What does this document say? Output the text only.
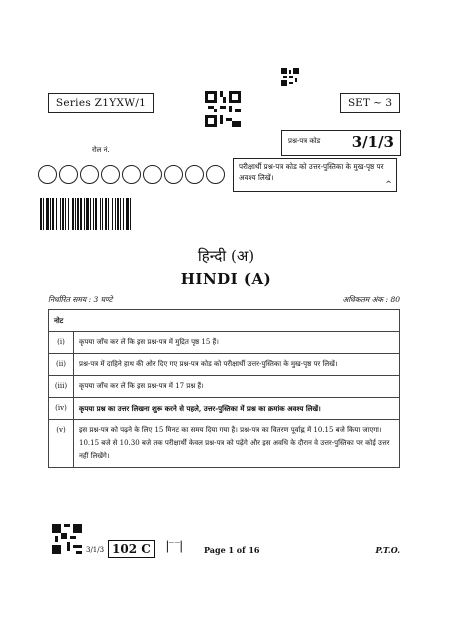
Series Z1YXW/1	SET ~ 3
प्रश्न-पत्र कोड 3/1/3
रोल नं.
परीक्षार्थी प्रश्न-पत्र कोड को उत्तर-पुस्तिका के मुख-पृष्ठ पर अवश्य लिखें।
^
हिन्दी (अ)
HINDI (A)
निर्धारित समय : 3 घण्टे	अधिकतम अंक : 80
नोट	
(i)	कृपया जाँच कर लें कि इस प्रश्न-पत्र में मुद्रित पृष्ठ 15 हैं।
(ii)	प्रश्न-पत्र में दाहिने हाथ की ओर दिए गए प्रश्न-पत्र कोड को परीक्षार्थी उत्तर-पुस्तिका के मुख-पृष्ठ पर लिखें।
(iii)	कृपया जाँच कर लें कि इस प्रश्न-पत्र में 17 प्रश्न हैं।
(iv)	कृपया प्रश्न का उत्तर लिखना शुरू करने से पहले, उत्तर-पुस्तिका में प्रश्न का क्रमांक अवश्य लिखें।
(v)	इस प्रश्न-पत्र को पढ़ने के लिए 15 मिनट का समय दिया गया है। प्रश्न-पत्र का वितरण पूर्वाह्न में 10.15 बजे किया जाएगा। 10.15 बजे से 10.30 बजे तक परीक्षार्थी केवल प्रश्न-पत्र को पढ़ेंगे और इस अवधि के दौरान वे उत्तर-पुस्तिका पर कोई उत्तर नहीं लिखेंगे।
3/1/3 102 C ▕‾‾▏ Page 1 of 16	P.T.O.
